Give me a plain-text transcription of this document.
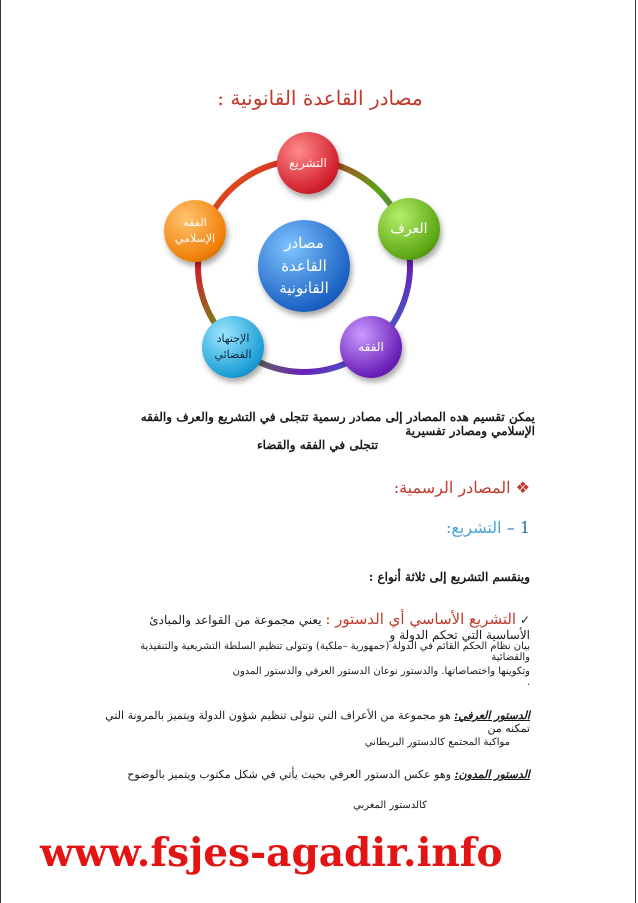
مصادر القاعدة القانونية :
مصادر
القاعدة
القانونية
التشريع
العرف
الفقه
الإجتهاد
القضائي
الفقه
الإسلامي
يمكن تقسيم هده المصادر إلى مصادر رسمية تتجلى في التشريع والعرف والفقه الإسلامي ومصادر تفسيرية
تتجلى في الفقه والقضاء
❖ المصادر الرسمية:
1 – التشريع:
وينقسم التشريع إلى ثلاثة أنواع :
✓ التشريع الأساسي أي الدستور : يعني مجموعة من القواعد والمبادئ الأساسية التي تحكم الدولة و
بيان نظام الحكم القائم في الدولة (جمهورية –ملكية) وتتولى تنظيم السلطة التشريعية والتنفيذية والقضائية
وتكوينها واختصاصاتها. والدستور نوعان الدستور العرفي والدستور المدون .
الدستور العرفي: هو مجموعة من الأعراف التي تتولى تنظيم شؤون الدولة ويتميز بالمرونة التي تمكنه من
مواكبة المجتمع كالدستور البريطاني
الدستور المدون: وهو عكس الدستور العرفي بحيث يأتي في شكل مكتوب ويتميز بالوضوح
كالدستور المغربي
www.fsjes-agadir.info
